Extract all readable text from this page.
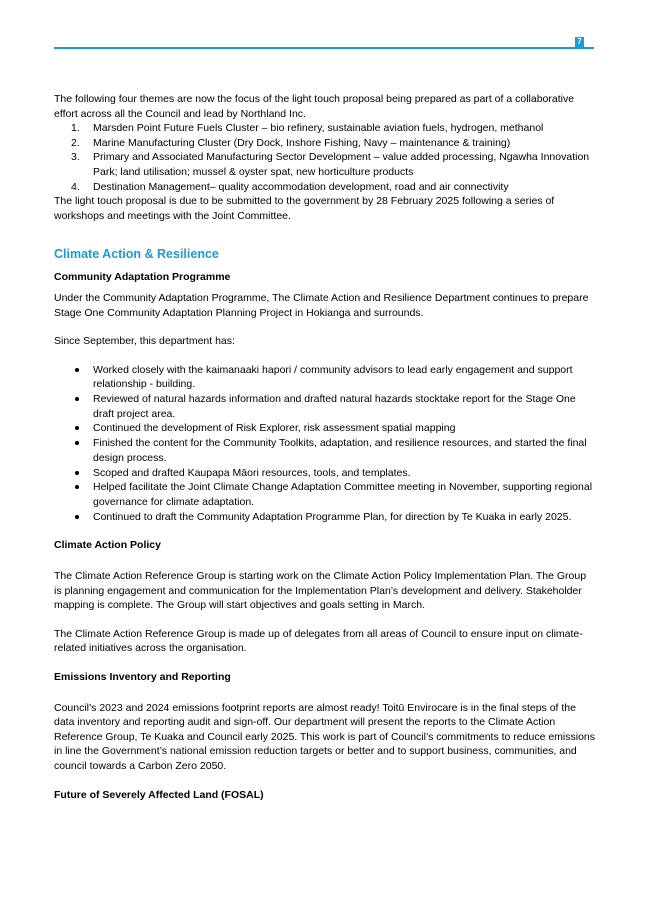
7

The following four themes are now the focus of the light touch proposal being prepared as part of a collaborative effort across all the Council and lead by Northland Inc.

1. Marsden Point Future Fuels Cluster – bio refinery, sustainable aviation fuels, hydrogen, methanol
2. Marine Manufacturing Cluster (Dry Dock, Inshore Fishing, Navy – maintenance & training)
3. Primary and Associated Manufacturing Sector Development – value added processing, Ngawha Innovation Park; land utilisation; mussel & oyster spat, new horticulture products
4. Destination Management– quality accommodation development, road and air connectivity

The light touch proposal is due to be submitted to the government by 28 February 2025 following a series of workshops and meetings with the Joint Committee.

Climate Action & Resilience
Community Adaptation Programme

Under the Community Adaptation Programme, The Climate Action and Resilience Department continues to prepare Stage One Community Adaptation Planning Project in Hokianga and surrounds.

Since September, this department has:

Worked closely with the kaimanaaki hapori / community advisors to lead early engagement and support relationship - building.
Reviewed of natural hazards information and drafted natural hazards stocktake report for the Stage One draft project area.
Continued the development of Risk Explorer, risk assessment spatial mapping
Finished the content for the Community Toolkits, adaptation, and resilience resources, and started the final design process.
Scoped and drafted Kaupapa Māori resources, tools, and templates.
Helped facilitate the Joint Climate Change Adaptation Committee meeting in November, supporting regional governance for climate adaptation.
Continued to draft the Community Adaptation Programme Plan, for direction by Te Kuaka in early 2025.
Climate Action Policy

The Climate Action Reference Group is starting work on the Climate Action Policy Implementation Plan. The Group is planning engagement and communication for the Implementation Plan’s development and delivery. Stakeholder mapping is complete. The Group will start objectives and goals setting in March.

The Climate Action Reference Group is made up of delegates from all areas of Council to ensure input on climate-related initiatives across the organisation.

Emissions Inventory and Reporting

Council’s 2023 and 2024 emissions footprint reports are almost ready! Toitū Envirocare is in the final steps of the data inventory and reporting audit and sign-off. Our department will present the reports to the Climate Action Reference Group, Te Kuaka and Council early 2025. This work is part of Council’s commitments to reduce emissions in line the Government’s national emission reduction targets or better and to support business, communities, and council towards a Carbon Zero 2050.

Future of Severely Affected Land (FOSAL)
